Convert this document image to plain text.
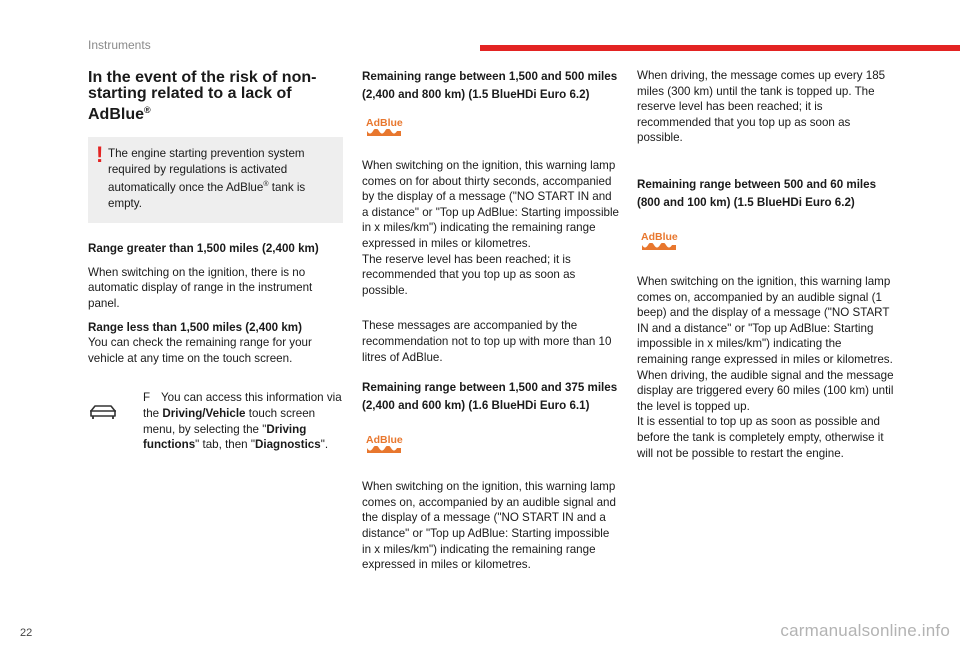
Instruments
In the event of the risk of non-
starting related to a lack of
AdBlue®
! The engine starting prevention system required by regulations is activated automatically once the AdBlue® tank is empty.

Range greater than 1,500 miles (2,400 km)

When switching on the ignition, there is no automatic display of range in the instrument panel.

Range less than 1,500 miles (2,400 km)

You can check the remaining range for your vehicle at any time on the touch screen.

F You can access this information via the Driving/Vehicle touch screen menu, by selecting the "Driving functions" tab, then "Diagnostics".

Remaining range between 1,500 and 500 miles
(2,400 and 800 km) (1.5 BlueHDi Euro 6.2)

AdBlue

When switching on the ignition, this warning lamp comes on for about thirty seconds, accompanied by the display of a message ("NO START IN and a distance" or "Top up AdBlue: Starting impossible in x miles/km") indicating the remaining range expressed in miles or kilometres.

The reserve level has been reached; it is recommended that you top up as soon as possible.

These messages are accompanied by the recommendation not to top up with more than 10 litres of AdBlue.

Remaining range between 1,500 and 375 miles
(2,400 and 600 km) (1.6 BlueHDi Euro 6.1)

AdBlue

When switching on the ignition, this warning lamp comes on, accompanied by an audible signal and the display of a message ("NO START IN and a distance" or "Top up AdBlue: Starting impossible in x miles/km") indicating the remaining range expressed in miles or kilometres.

When driving, the message comes up every 185 miles (300 km) until the tank is topped up. The reserve level has been reached; it is recommended that you top up as soon as possible.

Remaining range between 500 and 60 miles
(800 and 100 km) (1.5 BlueHDi Euro 6.2)

AdBlue

When switching on the ignition, this warning lamp comes on, accompanied by an audible signal (1 beep) and the display of a message ("NO START IN and a distance" or "Top up AdBlue: Starting impossible in x miles/km") indicating the remaining range expressed in miles or kilometres.

When driving, the audible signal and the message display are triggered every 60 miles (100 km) until the level is topped up.

It is essential to top up as soon as possible and before the tank is completely empty, otherwise it will not be possible to restart the engine.

22	carmanualsonline.info
